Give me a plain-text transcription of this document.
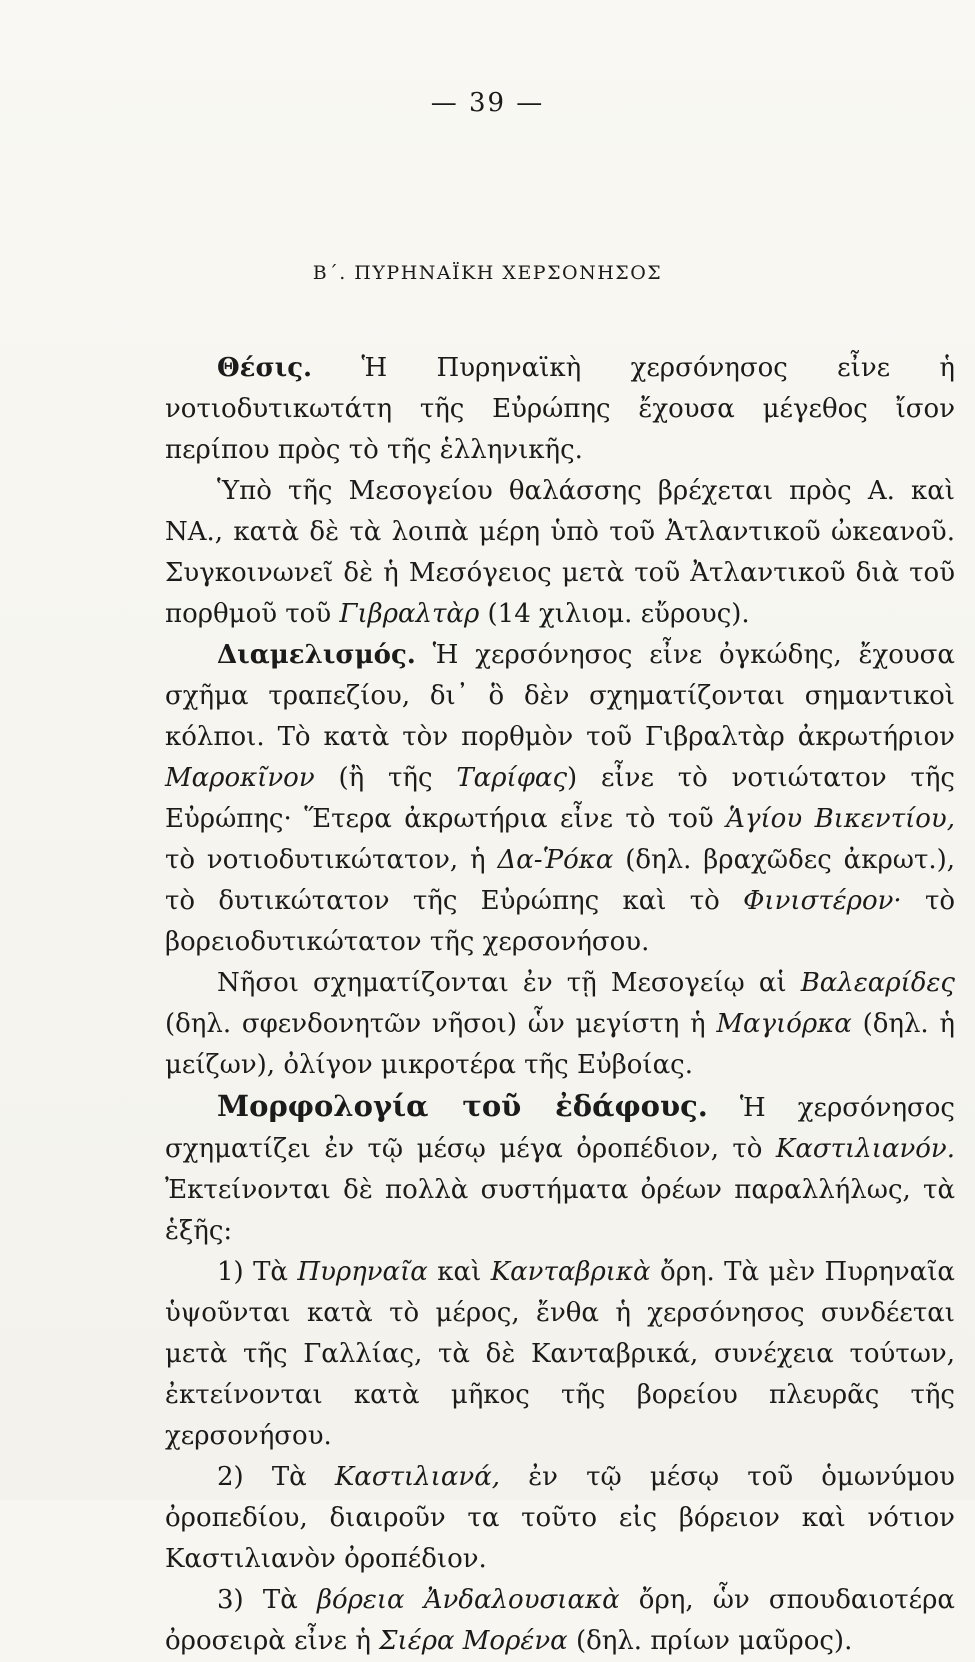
— 39 —
Β΄. ΠΥΡΗΝΑΪΚΗ ΧΕΡΣΟΝΗΣΟΣ

Θέσις. Ἡ Πυρηναϊκὴ χερσόνησος εἶνε ἡ νοτιοδυτικωτάτη τῆς Εὐρώπης ἔχουσα μέγεθος ἴσον περίπου πρὸς τὸ τῆς ἑλληνικῆς.

Ὑπὸ τῆς Μεσογείου θαλάσσης βρέχεται πρὸς Α. καὶ ΝΑ., κατὰ δὲ τὰ λοιπὰ μέρη ὑπὸ τοῦ Ἀτλαντικοῦ ὠκεανοῦ. Συγκοινωνεῖ δὲ ἡ Μεσόγειος μετὰ τοῦ Ἀτλαντικοῦ διὰ τοῦ πορθμοῦ τοῦ Γιβραλτὰρ (14 χιλιομ. εὔρους).

Διαμελισμός. Ἡ χερσόνησος εἶνε ὀγκώδης, ἔχουσα σχῆμα τραπεζίου, δι᾽ ὃ δὲν σχηματίζονται σημαντικοὶ κόλποι. Τὸ κατὰ τὸν πορθμὸν τοῦ Γιβραλτὰρ ἀκρωτήριον Μαροκῖνον (ἢ τῆς Ταρίφας) εἶνε τὸ νοτιώτατον τῆς Εὐρώπης· Ἕτερα ἀκρωτήρια εἶνε τὸ τοῦ Ἁγίου Βικεντίου, τὸ νοτιοδυτικώτατον, ἡ Δα-Ῥόκα (δηλ. βραχῶδες ἀκρωτ.), τὸ δυτικώτατον τῆς Εὐρώπης καὶ τὸ Φινιστέρον· τὸ βορειοδυτικώτατον τῆς χερσονήσου.

Νῆσοι σχηματίζονται ἐν τῇ Μεσογείῳ αἱ Βαλεαρίδες (δηλ. σφενδονητῶν νῆσοι) ὧν μεγίστη ἡ Μαγιόρκα (δηλ. ἡ μείζων), ὀλίγον μικροτέρα τῆς Εὐβοίας.

Μορφολογία τοῦ ἐδάφους. Ἡ χερσόνησος σχηματίζει ἐν τῷ μέσῳ μέγα ὀροπέδιον, τὸ Καστιλιανόν. Ἐκτείνονται δὲ πολλὰ συστήματα ὀρέων παραλλήλως, τὰ ἑξῆς:

1) Τὰ Πυρηναῖα καὶ Κανταβρικὰ ὄρη. Τὰ μὲν Πυρηναῖα ὑψοῦνται κατὰ τὸ μέρος, ἔνθα ἡ χερσόνησος συνδέεται μετὰ τῆς Γαλλίας, τὰ δὲ Κανταβρικά, συνέχεια τούτων, ἐκτείνονται κατὰ μῆκος τῆς βορείου πλευρᾶς τῆς χερσονήσου.

2) Τὰ Καστιλιανά, ἐν τῷ μέσῳ τοῦ ὁμωνύμου ὀροπεδίου, διαιροῦν τα τοῦτο εἰς βόρειον καὶ νότιον Καστιλιανὸν ὀροπέδιον.

3) Τὰ βόρεια Ἀνδαλουσιακὰ ὄρη, ὧν σπουδαιοτέρα ὀροσειρὰ εἶνε ἡ Σιέρα Μορένα (δηλ. πρίων μαῦρος).
